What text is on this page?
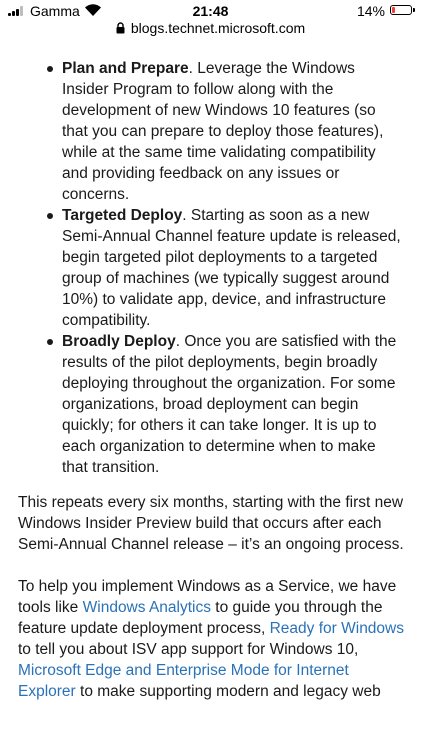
Gamma	21:48	14%
blogs.technet.microsoft.com
Plan and Prepare. Leverage the Windows Insider Program to follow along with the development of new Windows 10 features (so that you can prepare to deploy those features), while at the same time validating compatibility and providing feedback on any issues or concerns.
Targeted Deploy. Starting as soon as a new Semi-Annual Channel feature update is released, begin targeted pilot deployments to a targeted group of machines (we typically suggest around 10%) to validate app, device, and infrastructure compatibility.
Broadly Deploy. Once you are satisfied with the results of the pilot deployments, begin broadly deploying throughout the organization. For some organizations, broad deployment can begin quickly; for others it can take longer. It is up to each organization to determine when to make that transition.

This repeats every six months, starting with the first new Windows Insider Preview build that occurs after each Semi-Annual Channel release – it’s an ongoing process.

To help you implement Windows as a Service, we have tools like Windows Analytics to guide you through the feature update deployment process, Ready for Windows to tell you about ISV app support for Windows 10, Microsoft Edge and Enterprise Mode for Internet Explorer to make supporting modern and legacy web
